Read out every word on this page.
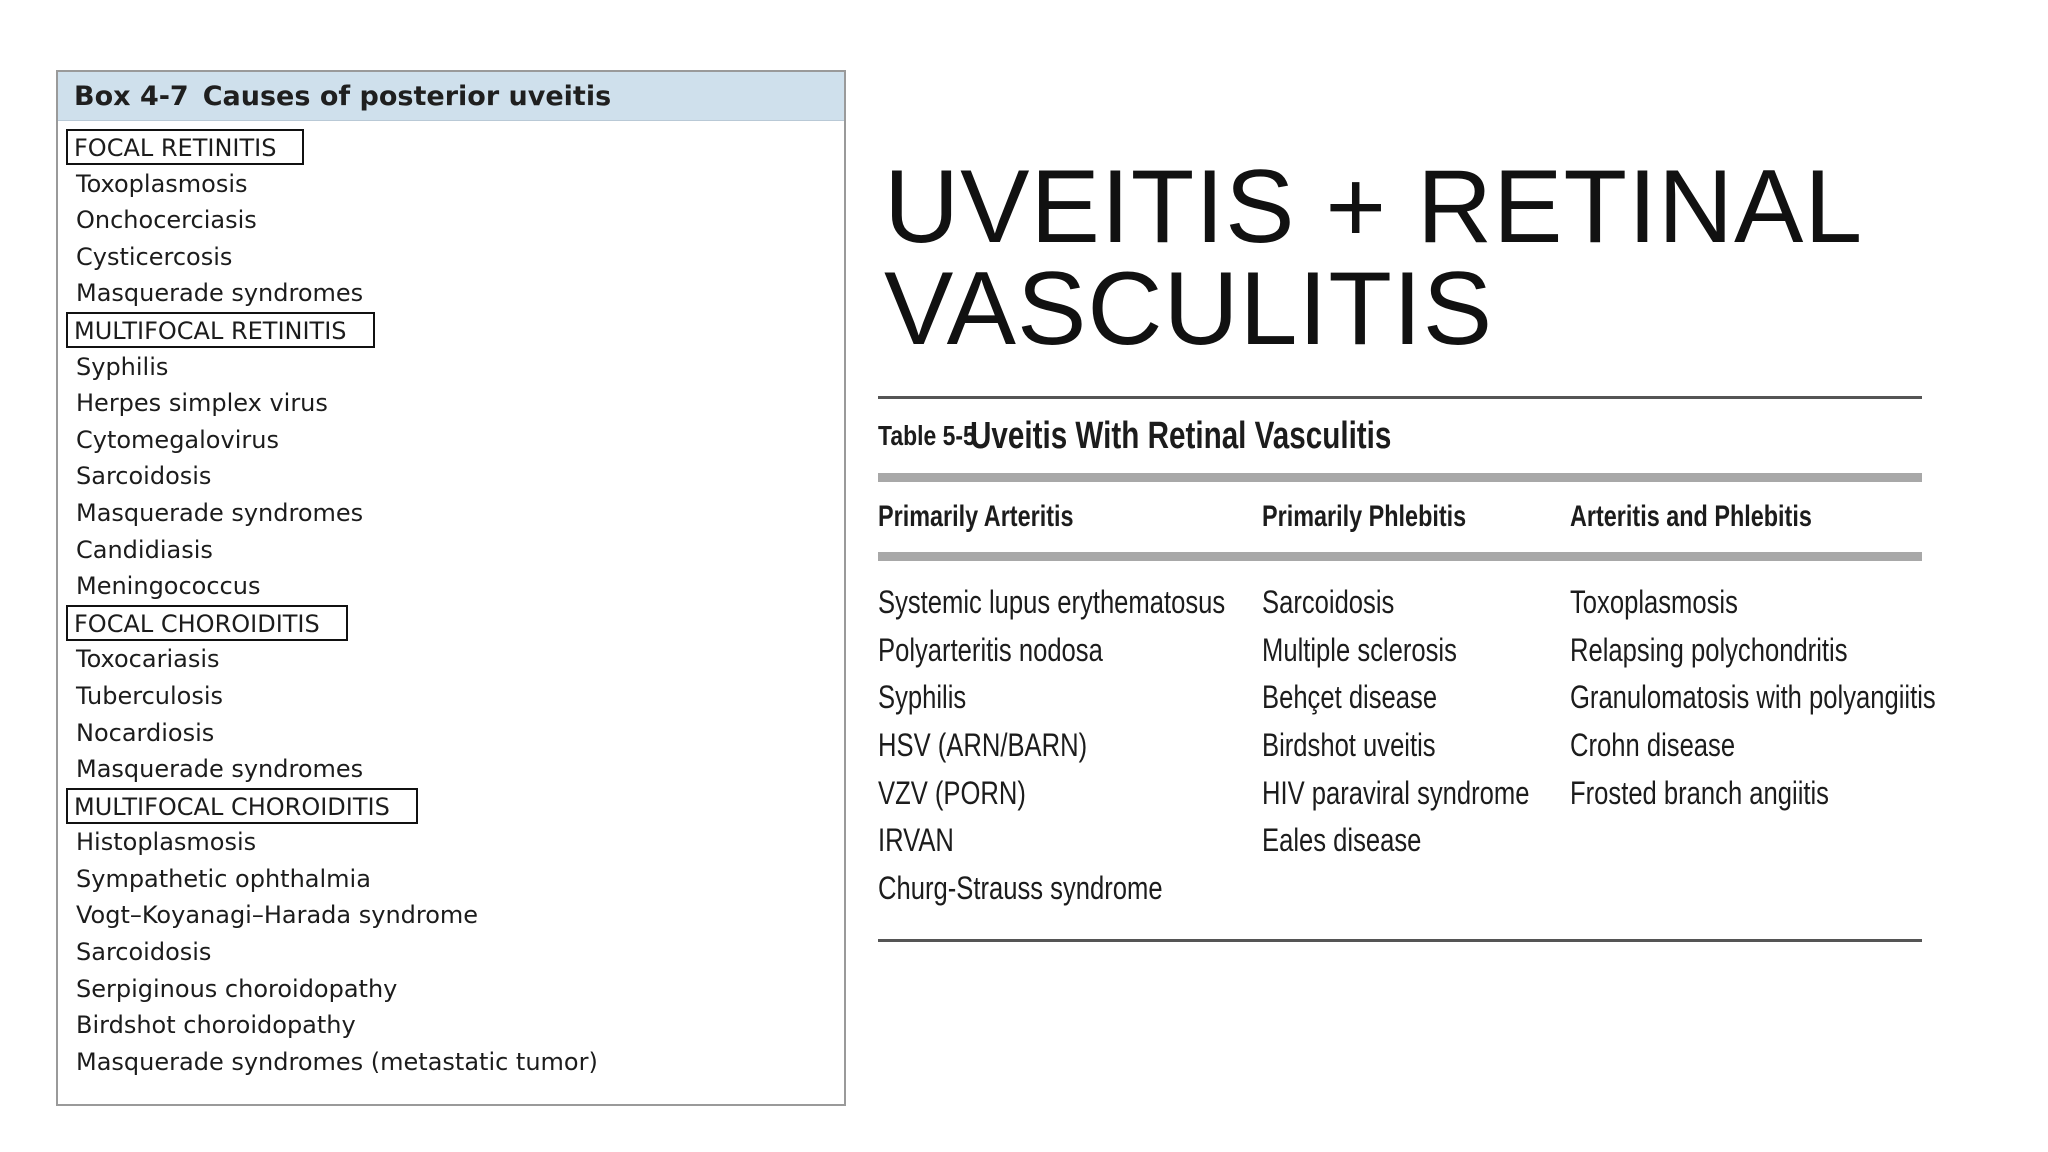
Box 4-7 Causes of posterior uveitis
FOCAL RETINITIS
Toxoplasmosis
Onchocerciasis
Cysticercosis
Masquerade syndromes
MULTIFOCAL RETINITIS
Syphilis
Herpes simplex virus
Cytomegalovirus
Sarcoidosis
Masquerade syndromes
Candidiasis
Meningococcus
FOCAL CHOROIDITIS
Toxocariasis
Tuberculosis
Nocardiosis
Masquerade syndromes
MULTIFOCAL CHOROIDITIS
Histoplasmosis
Sympathetic ophthalmia
Vogt–Koyanagi–Harada syndrome
Sarcoidosis
Serpiginous choroidopathy
Birdshot choroidopathy
Masquerade syndromes (metastatic tumor)
UVEITIS + RETINAL
VASCULITIS
Table 5-5
Uveitis With Retinal Vasculitis
Primarily Arteritis	Primarily Phlebitis	Arteritis and Phlebitis
Systemic lupus erythematosus
Polyarteritis nodosa
Syphilis
HSV (ARN/BARN)
VZV (PORN)
IRVAN
Churg-Strauss syndrome
Sarcoidosis
Multiple sclerosis
Behçet disease
Birdshot uveitis
HIV paraviral syndrome
Eales disease
Toxoplasmosis
Relapsing polychondritis
Granulomatosis with polyangiitis
Crohn disease
Frosted branch angiitis
